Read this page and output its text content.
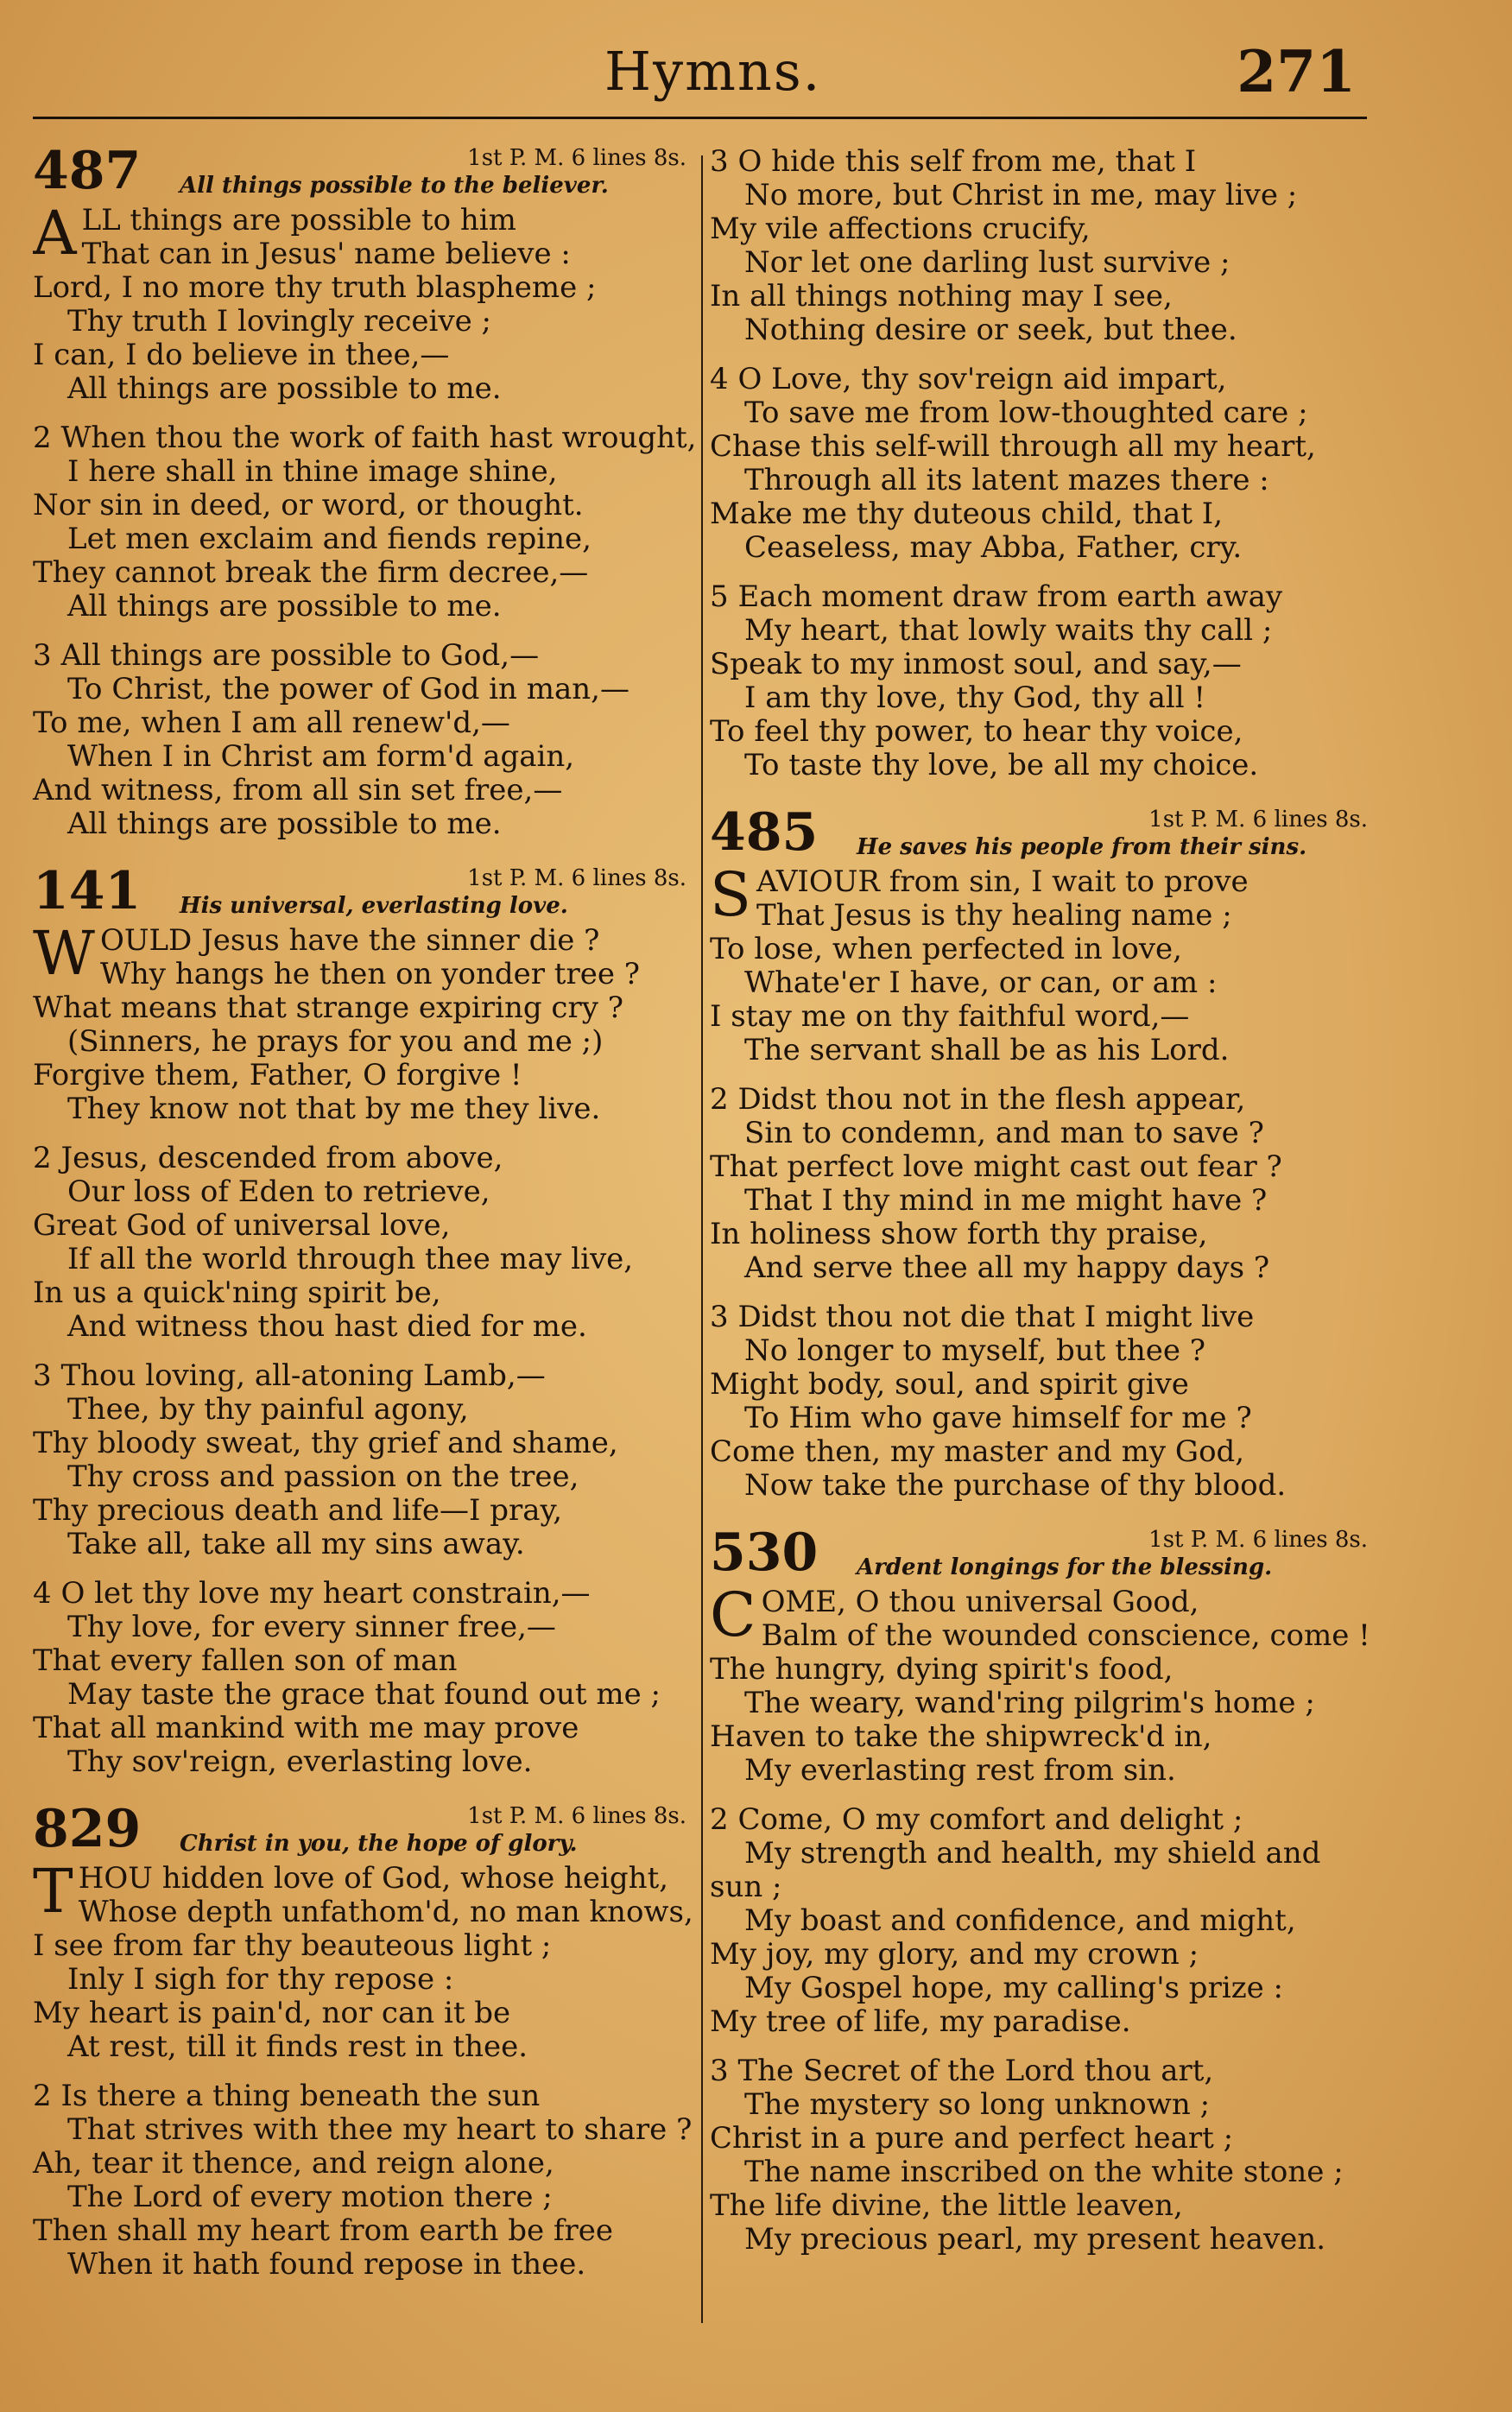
Hymns.	271
487	1st P. M. 6 lines 8s.
All things possible to the believer.
A LL things are possible to him
That can in Jesus' name believe :
Lord, I no more thy truth blaspheme ;
Thy truth I lovingly receive ;
I can, I do believe in thee,—
All things are possible to me.
2 When thou the work of faith hast wrought,
I here shall in thine image shine,
Nor sin in deed, or word, or thought.
Let men exclaim and fiends repine,
They cannot break the firm decree,—
All things are possible to me.
3 All things are possible to God,—
To Christ, the power of God in man,—
To me, when I am all renew'd,—
When I in Christ am form'd again,
And witness, from all sin set free,—
All things are possible to me.
141	1st P. M. 6 lines 8s.
His universal, everlasting love.
W OULD Jesus have the sinner die ?
Why hangs he then on yonder tree ?
What means that strange expiring cry ?
(Sinners, he prays for you and me ;)
Forgive them, Father, O forgive !
They know not that by me they live.
2 Jesus, descended from above,
Our loss of Eden to retrieve,
Great God of universal love,
If all the world through thee may live,
In us a quick'ning spirit be,
And witness thou hast died for me.
3 Thou loving, all-atoning Lamb,—
Thee, by thy painful agony,
Thy bloody sweat, thy grief and shame,
Thy cross and passion on the tree,
Thy precious death and life—I pray,
Take all, take all my sins away.
4 O let thy love my heart constrain,—
Thy love, for every sinner free,—
That every fallen son of man
May taste the grace that found out me ;
That all mankind with me may prove
Thy sov'reign, everlasting love.
829	1st P. M. 6 lines 8s.
Christ in you, the hope of glory.
T HOU hidden love of God, whose height,
Whose depth unfathom'd, no man knows,
I see from far thy beauteous light ;
Inly I sigh for thy repose :
My heart is pain'd, nor can it be
At rest, till it finds rest in thee.
2 Is there a thing beneath the sun
That strives with thee my heart to share ?
Ah, tear it thence, and reign alone,
The Lord of every motion there ;
Then shall my heart from earth be free
When it hath found repose in thee.
3 O hide this self from me, that I
No more, but Christ in me, may live ;
My vile affections crucify,
Nor let one darling lust survive ;
In all things nothing may I see,
Nothing desire or seek, but thee.
4 O Love, thy sov'reign aid impart,
To save me from low-thoughted care ;
Chase this self-will through all my heart,
Through all its latent mazes there :
Make me thy duteous child, that I,
Ceaseless, may Abba, Father, cry.
5 Each moment draw from earth away
My heart, that lowly waits thy call ;
Speak to my inmost soul, and say,—
I am thy love, thy God, thy all !
To feel thy power, to hear thy voice,
To taste thy love, be all my choice.
485	1st P. M. 6 lines 8s.
He saves his people from their sins.
S AVIOUR from sin, I wait to prove
That Jesus is thy healing name ;
To lose, when perfected in love,
Whate'er I have, or can, or am :
I stay me on thy faithful word,—
The servant shall be as his Lord.
2 Didst thou not in the flesh appear,
Sin to condemn, and man to save ?
That perfect love might cast out fear ?
That I thy mind in me might have ?
In holiness show forth thy praise,
And serve thee all my happy days ?
3 Didst thou not die that I might live
No longer to myself, but thee ?
Might body, soul, and spirit give
To Him who gave himself for me ?
Come then, my master and my God,
Now take the purchase of thy blood.
530	1st P. M. 6 lines 8s.
Ardent longings for the blessing.
C OME, O thou universal Good,
Balm of the wounded conscience, come !
The hungry, dying spirit's food,
The weary, wand'ring pilgrim's home ;
Haven to take the shipwreck'd in,
My everlasting rest from sin.
2 Come, O my comfort and delight ;
My strength and health, my shield and
sun ;
My boast and confidence, and might,
My joy, my glory, and my crown ;
My Gospel hope, my calling's prize :
My tree of life, my paradise.
3 The Secret of the Lord thou art,
The mystery so long unknown ;
Christ in a pure and perfect heart ;
The name inscribed on the white stone ;
The life divine, the little leaven,
My precious pearl, my present heaven.
